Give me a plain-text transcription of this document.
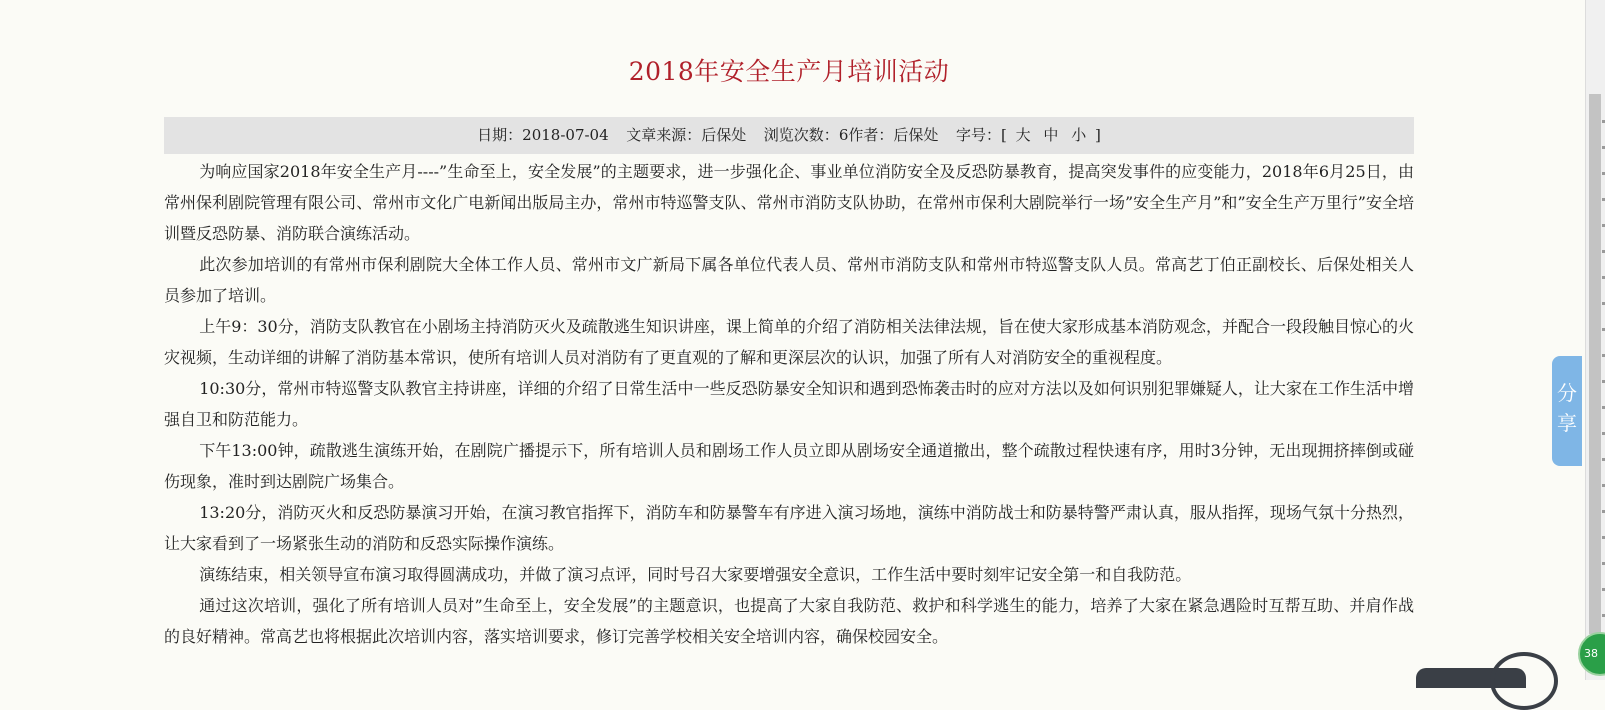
2018年安全生产月培训活动
日期：2018-07-04 文章来源：后保处 浏览次数：6作者：后保处 字号：[ 大 中 小 ]

为响应国家2018年安全生产月----”生命至上，安全发展”的主题要求，进一步强化企、事业单位消防安全及反恐防暴教育，提高突发事件的应变能力，2018年6月25日，由常州保利剧院管理有限公司、常州市文化广电新闻出版局主办，常州市特巡警支队、常州市消防支队协助，在常州市保利大剧院举行一场”安全生产月”和”安全生产万里行”安全培训暨反恐防暴、消防联合演练活动。

此次参加培训的有常州市保利剧院大全体工作人员、常州市文广新局下属各单位代表人员、常州市消防支队和常州市特巡警支队人员。常高艺丁伯正副校长、后保处相关人员参加了培训。

上午9：30分，消防支队教官在小剧场主持消防灭火及疏散逃生知识讲座，课上简单的介绍了消防相关法律法规，旨在使大家形成基本消防观念，并配合一段段触目惊心的火灾视频，生动详细的讲解了消防基本常识，使所有培训人员对消防有了更直观的了解和更深层次的认识，加强了所有人对消防安全的重视程度。

10:30分，常州市特巡警支队教官主持讲座，详细的介绍了日常生活中一些反恐防暴安全知识和遇到恐怖袭击时的应对方法以及如何识别犯罪嫌疑人，让大家在工作生活中增强自卫和防范能力。

下午13:00钟，疏散逃生演练开始，在剧院广播提示下，所有培训人员和剧场工作人员立即从剧场安全通道撤出，整个疏散过程快速有序，用时3分钟，无出现拥挤摔倒或碰伤现象，准时到达剧院广场集合。

13:20分，消防灭火和反恐防暴演习开始，在演习教官指挥下，消防车和防暴警车有序进入演习场地，演练中消防战士和防暴特警严肃认真，服从指挥，现场气氛十分热烈，让大家看到了一场紧张生动的消防和反恐实际操作演练。

演练结束，相关领导宣布演习取得圆满成功，并做了演习点评，同时号召大家要增强安全意识，工作生活中要时刻牢记安全第一和自我防范。

通过这次培训，强化了所有培训人员对”生命至上，安全发展”的主题意识，也提高了大家自我防范、救护和科学逃生的能力，培养了大家在紧急遇险时互帮互助、并肩作战的良好精神。常高艺也将根据此次培训内容，落实培训要求，修订完善学校相关安全培训内容，确保校园安全。

分
享
38
